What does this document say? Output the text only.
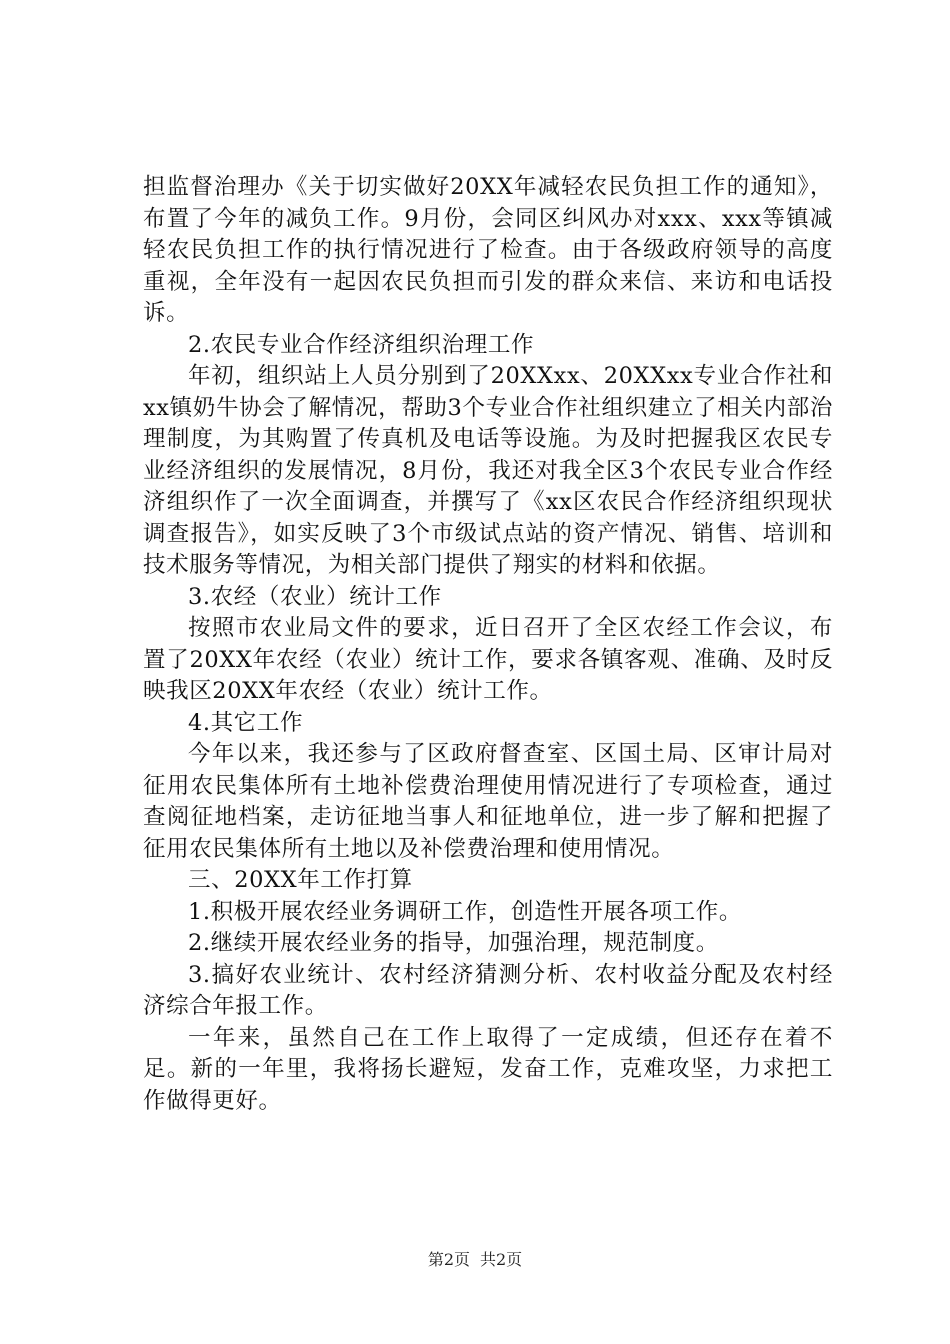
担监督治理办《关于切实做好20XX年减轻农民负担工作的通知》，布置了今年的减负工作。9月份，会同区纠风办对xxx、xxx等镇减轻农民负担工作的执行情况进行了检查。由于各级政府领导的高度重视，全年没有一起因农民负担而引发的群众来信、来访和电话投诉。

2.农民专业合作经济组织治理工作

年初，组织站上人员分别到了20XXxx、20XXxx专业合作社和xx镇奶牛协会了解情况，帮助3个专业合作社组织建立了相关内部治理制度，为其购置了传真机及电话等设施。为及时把握我区农民专业经济组织的发展情况，8月份，我还对我全区3个农民专业合作经济组织作了一次全面调查，并撰写了《xx区农民合作经济组织现状调查报告》，如实反映了3个市级试点站的资产情况、销售、培训和技术服务等情况，为相关部门提供了翔实的材料和依据。

3.农经（农业）统计工作

按照市农业局文件的要求，近日召开了全区农经工作会议，布置了20XX年农经（农业）统计工作，要求各镇客观、准确、及时反映我区20XX年农经（农业）统计工作。

4.其它工作

今年以来，我还参与了区政府督查室、区国土局、区审计局对征用农民集体所有土地补偿费治理使用情况进行了专项检查，通过查阅征地档案，走访征地当事人和征地单位，进一步了解和把握了征用农民集体所有土地以及补偿费治理和使用情况。

三、20XX年工作打算

1.积极开展农经业务调研工作，创造性开展各项工作。

2.继续开展农经业务的指导，加强治理，规范制度。

3.搞好农业统计、农村经济猜测分析、农村收益分配及农村经济综合年报工作。

一年来，虽然自己在工作上取得了一定成绩，但还存在着不足。新的一年里，我将扬长避短，发奋工作，克难攻坚，力求把工作做得更好。

第2页 共2页
